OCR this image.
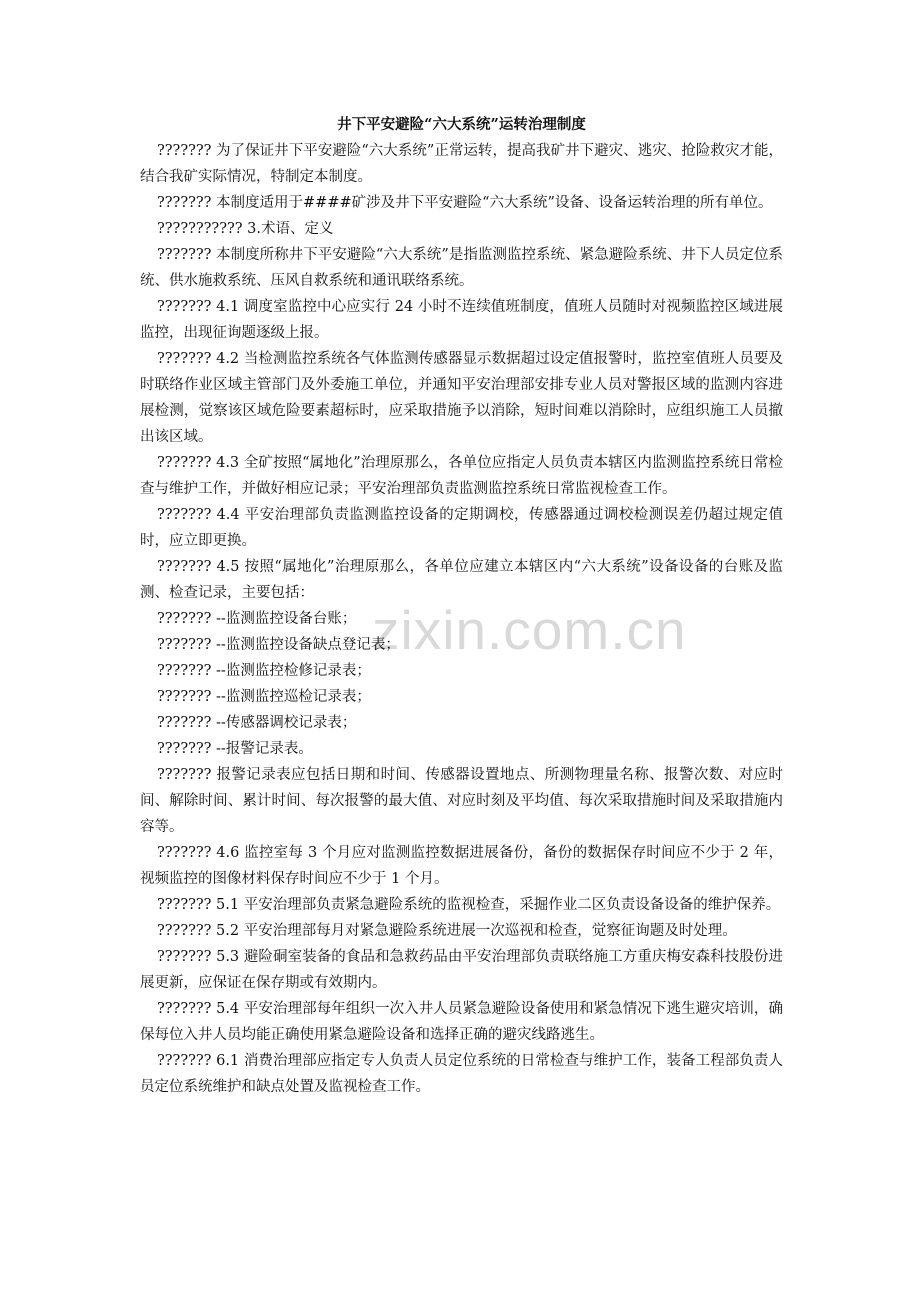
zixin.com.cn
井下平安避险“六大系统”运转治理制度

??????? 为了保证井下平安避险“六大系统”正常运转，提高我矿井下避灾、逃灾、抢险救灾才能，结合我矿实际情况，特制定本制度。

??????? 本制度适用于####矿涉及井下平安避险“六大系统”设备、设备运转治理的所有单位。

??????????? 3.术语、定义

??????? 本制度所称井下平安避险“六大系统”是指监测监控系统、紧急避险系统、井下人员定位系统、供水施救系统、压风自救系统和通讯联络系统。

??????? 4.1 调度室监控中心应实行 24 小时不连续值班制度，值班人员随时对视频监控区域进展监控，出现征询题逐级上报。

??????? 4.2 当检测监控系统各气体监测传感器显示数据超过设定值报警时，监控室值班人员要及时联络作业区域主管部门及外委施工单位，并通知平安治理部安排专业人员对警报区域的监测内容进展检测，觉察该区域危险要素超标时，应采取措施予以消除，短时间难以消除时，应组织施工人员撤出该区域。

??????? 4.3 全矿按照“属地化”治理原那么，各单位应指定人员负责本辖区内监测监控系统日常检查与维护工作，并做好相应记录；平安治理部负责监测监控系统日常监视检查工作。

??????? 4.4 平安治理部负责监测监控设备的定期调校，传感器通过调校检测误差仍超过规定值时，应立即更换。

??????? 4.5 按照“属地化”治理原那么，各单位应建立本辖区内“六大系统”设备设备的台账及监测、检查记录，主要包括：

??????? --监测监控设备台账；

??????? --监测监控设备缺点登记表；

??????? --监测监控检修记录表；

??????? --监测监控巡检记录表；

??????? --传感器调校记录表；

??????? --报警记录表。

??????? 报警记录表应包括日期和时间、传感器设置地点、所测物理量名称、报警次数、对应时间、解除时间、累计时间、每次报警的最大值、对应时刻及平均值、每次采取措施时间及采取措施内容等。

??????? 4.6 监控室每 3 个月应对监测监控数据进展备份，备份的数据保存时间应不少于 2 年，视频监控的图像材料保存时间应不少于 1 个月。

??????? 5.1 平安治理部负责紧急避险系统的监视检查，采掘作业二区负责设备设备的维护保养。

??????? 5.2 平安治理部每月对紧急避险系统进展一次巡视和检查，觉察征询题及时处理。

??????? 5.3 避险硐室装备的食品和急救药品由平安治理部负责联络施工方重庆梅安森科技股份进展更新，应保证在保存期或有效期内。

??????? 5.4 平安治理部每年组织一次入井人员紧急避险设备使用和紧急情况下逃生避灾培训，确保每位入井人员均能正确使用紧急避险设备和选择正确的避灾线路逃生。

??????? 6.1 消费治理部应指定专人负责人员定位系统的日常检查与维护工作，装备工程部负责人员定位系统维护和缺点处置及监视检查工作。
